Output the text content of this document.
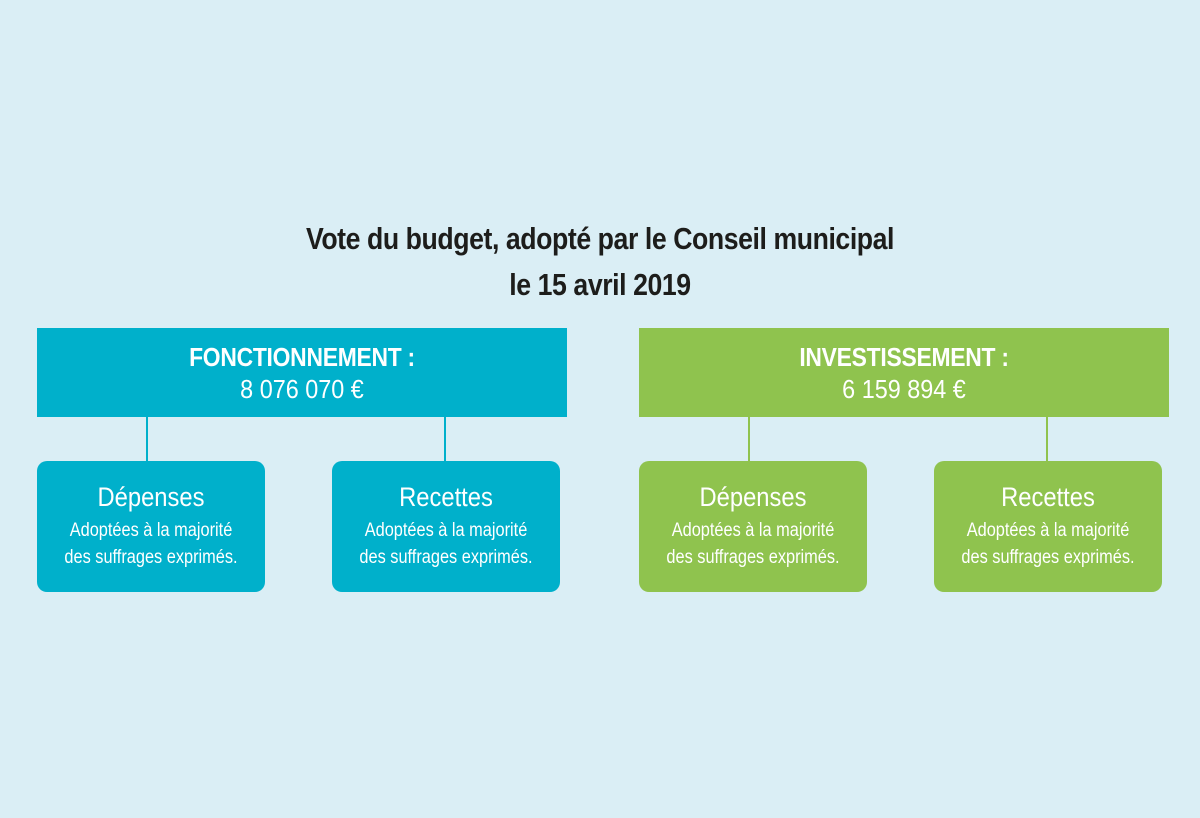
Vote du budget, adopté par le Conseil municipal
le 15 avril 2019
FONCTIONNEMENT :
8 076 070 €
Dépenses
Adoptées à la majorité
des suffrages exprimés.
Recettes
Adoptées à la majorité
des suffrages exprimés.
INVESTISSEMENT :
6 159 894 €
Dépenses
Adoptées à la majorité
des suffrages exprimés.
Recettes
Adoptées à la majorité
des suffrages exprimés.
